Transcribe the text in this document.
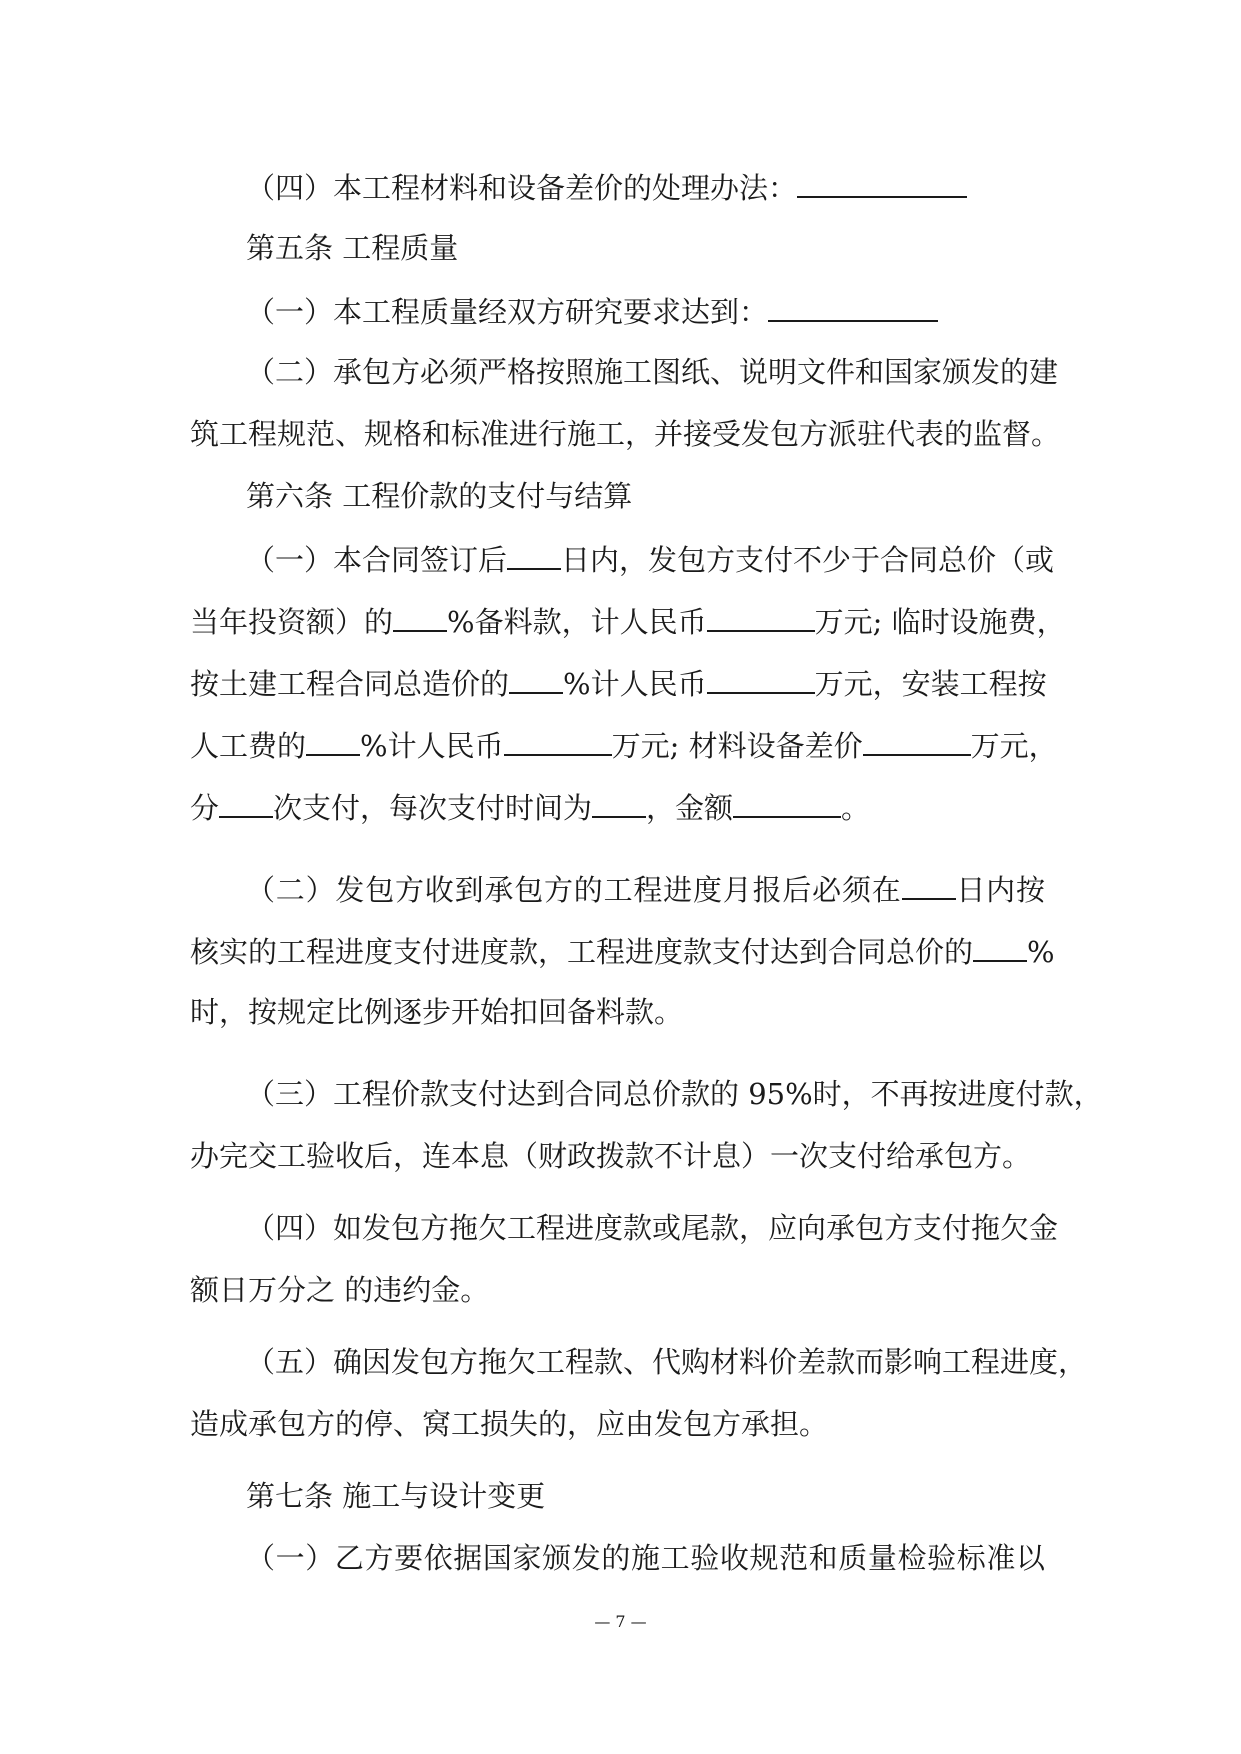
（四）本工程材料和设备差价的处理办法：
第五条 工程质量
（一）本工程质量经双方研究要求达到：
（二）承包方必须严格按照施工图纸、说明文件和国家颁发的建
筑工程规范、规格和标准进行施工，并接受发包方派驻代表的监督。
第六条 工程价款的支付与结算
（一）本合同签订后 日内，发包方支付不少于合同总价（或
当年投资额）的 %备料款，计人民币	万元; 临时设施费，
按土建工程合同总造价的 %计人民币	万元，安装工程按
人工费的 %计人民币	万元; 材料设备差价	万元，
分 次支付，每次支付时间为 ，金额	。
（二）发包方收到承包方的工程进度月报后必须在 日内按
核实的工程进度支付进度款，工程进度款支付达到合同总价的 %
时，按规定比例逐步开始扣回备料款。
（三）工程价款支付达到合同总价款的 95%时，不再按进度付款，
办完交工验收后，连本息（财政拨款不计息）一次支付给承包方。
（四）如发包方拖欠工程进度款或尾款，应向承包方支付拖欠金
额日万分之 的违约金。
（五）确因发包方拖欠工程款、代购材料价差款而影响工程进度，
造成承包方的停、窝工损失的，应由发包方承担。
第七条 施工与设计变更
（一）乙方要依据国家颁发的施工验收规范和质量检验标准以
— 7 —
